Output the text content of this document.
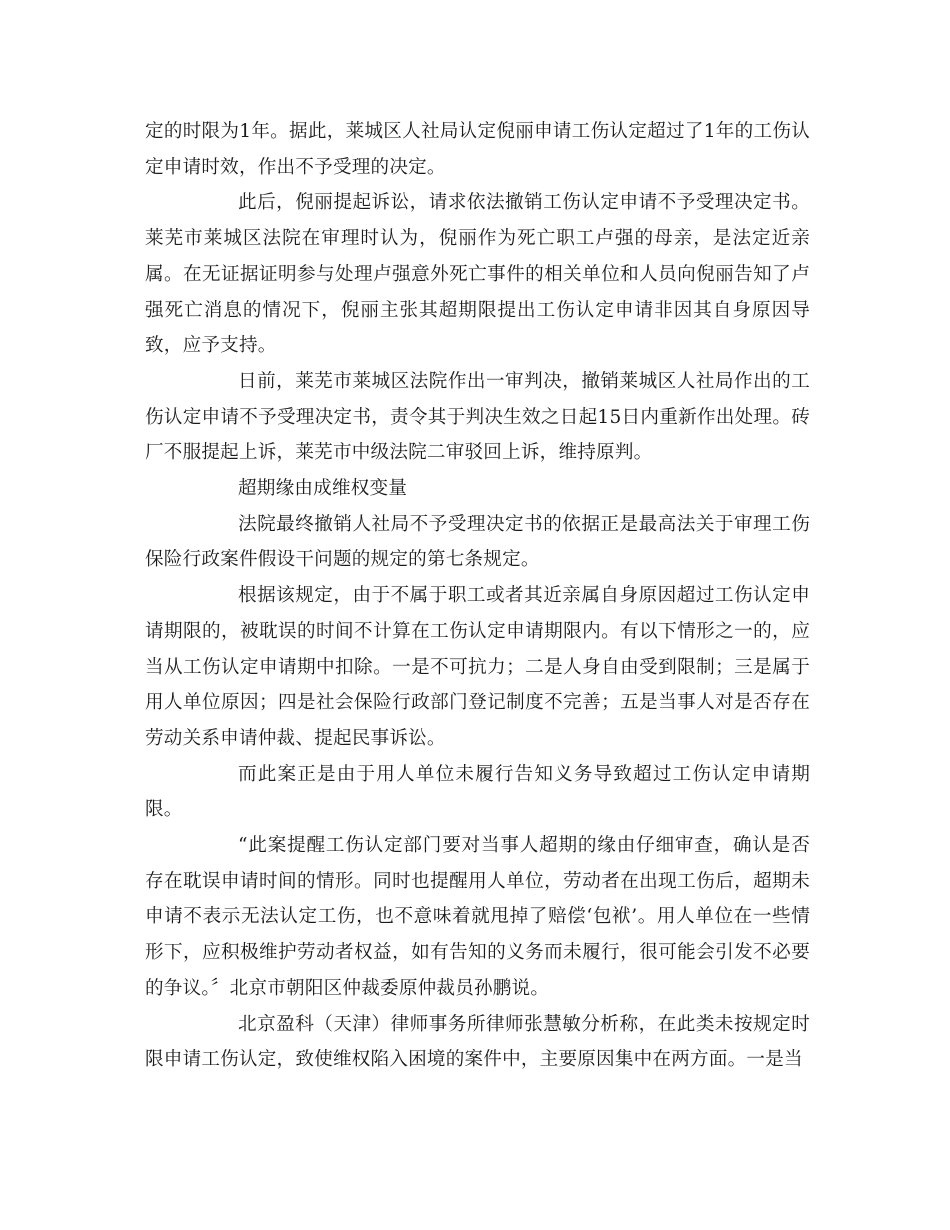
定的时限为1年。据此，莱城区人社局认定倪丽申请工伤认定超过了1年的工伤认定申请时效，作出不予受理的决定。

此后，倪丽提起诉讼，请求依法撤销工伤认定申请不予受理决定书。莱芜市莱城区法院在审理时认为，倪丽作为死亡职工卢强的母亲，是法定近亲属。在无证据证明参与处理卢强意外死亡事件的相关单位和人员向倪丽告知了卢强死亡消息的情况下，倪丽主张其超期限提出工伤认定申请非因其自身原因导致，应予支持。

日前，莱芜市莱城区法院作出一审判决，撤销莱城区人社局作出的工伤认定申请不予受理决定书，责令其于判决生效之日起15日内重新作出处理。砖厂不服提起上诉，莱芜市中级法院二审驳回上诉，维持原判。

超期缘由成维权变量

法院最终撤销人社局不予受理决定书的依据正是最高法关于审理工伤保险行政案件假设干问题的规定的第七条规定。

根据该规定，由于不属于职工或者其近亲属自身原因超过工伤认定申请期限的，被耽误的时间不计算在工伤认定申请期限内。有以下情形之一的，应当从工伤认定申请期中扣除。一是不可抗力；二是人身自由受到限制；三是属于用人单位原因；四是社会保险行政部门登记制度不完善；五是当事人对是否存在劳动关系申请仲裁、提起民事诉讼。

而此案正是由于用人单位未履行告知义务导致超过工伤认定申请期限。

“此案提醒工伤认定部门要对当事人超期的缘由仔细审查，确认是否存在耽误申请时间的情形。同时也提醒用人单位，劳动者在出现工伤后，超期未申请不表示无法认定工伤，也不意味着就甩掉了赔偿‘包袱’。用人单位在一些情形下，应积极维护劳动者权益，如有告知的义务而未履行，很可能会引发不必要的争议。〞北京市朝阳区仲裁委原仲裁员孙鹏说。

北京盈科（天津）律师事务所律师张慧敏分析称，在此类未按规定时限申请工伤认定，致使维权陷入困境的案件中，主要原因集中在两方面。一是当
